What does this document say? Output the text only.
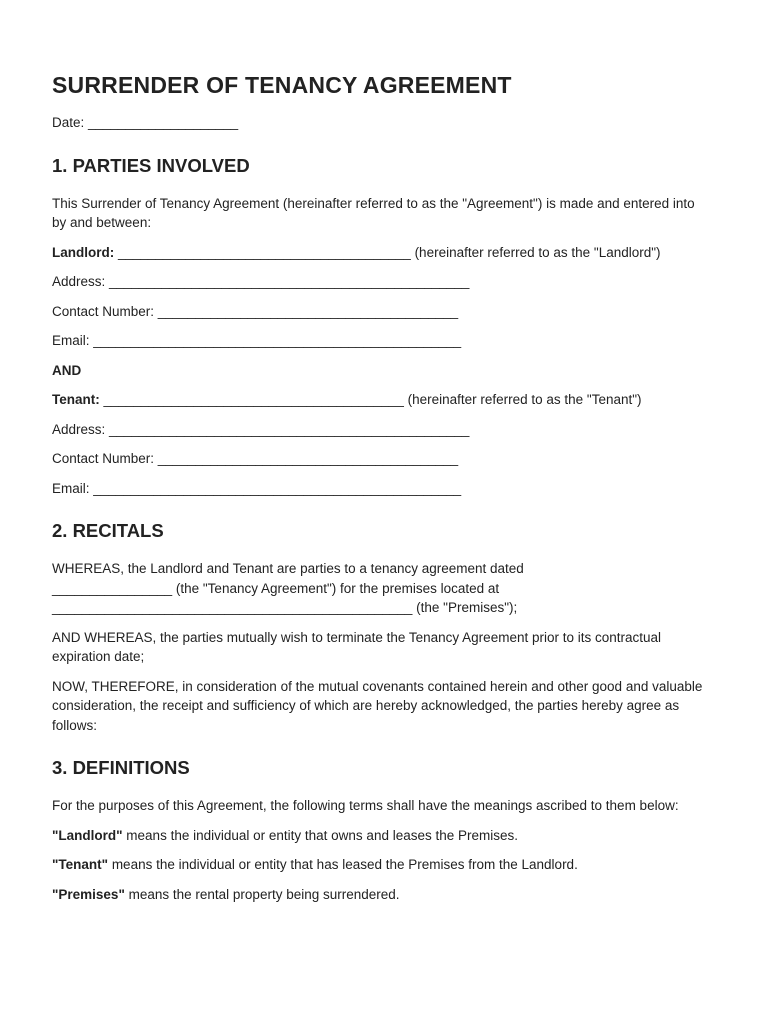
SURRENDER OF TENANCY AGREEMENT

Date: ____________________

1. PARTIES INVOLVED

This Surrender of Tenancy Agreement (hereinafter referred to as the "Agreement") is made and entered into by and between:

Landlord: _______________________________________ (hereinafter referred to as the "Landlord")

Address: ________________________________________________

Contact Number: ________________________________________

Email: _________________________________________________

AND

Tenant: ________________________________________ (hereinafter referred to as the "Tenant")

Address: ________________________________________________

Contact Number: ________________________________________

Email: _________________________________________________

2. RECITALS

WHEREAS, the Landlord and Tenant are parties to a tenancy agreement dated
________________ (the "Tenancy Agreement") for the premises located at
________________________________________________ (the "Premises");

AND WHEREAS, the parties mutually wish to terminate the Tenancy Agreement prior to its contractual expiration date;

NOW, THEREFORE, in consideration of the mutual covenants contained herein and other good and valuable consideration, the receipt and sufficiency of which are hereby acknowledged, the parties hereby agree as follows:

3. DEFINITIONS

For the purposes of this Agreement, the following terms shall have the meanings ascribed to them below:

"Landlord" means the individual or entity that owns and leases the Premises.

"Tenant" means the individual or entity that has leased the Premises from the Landlord.

"Premises" means the rental property being surrendered.
